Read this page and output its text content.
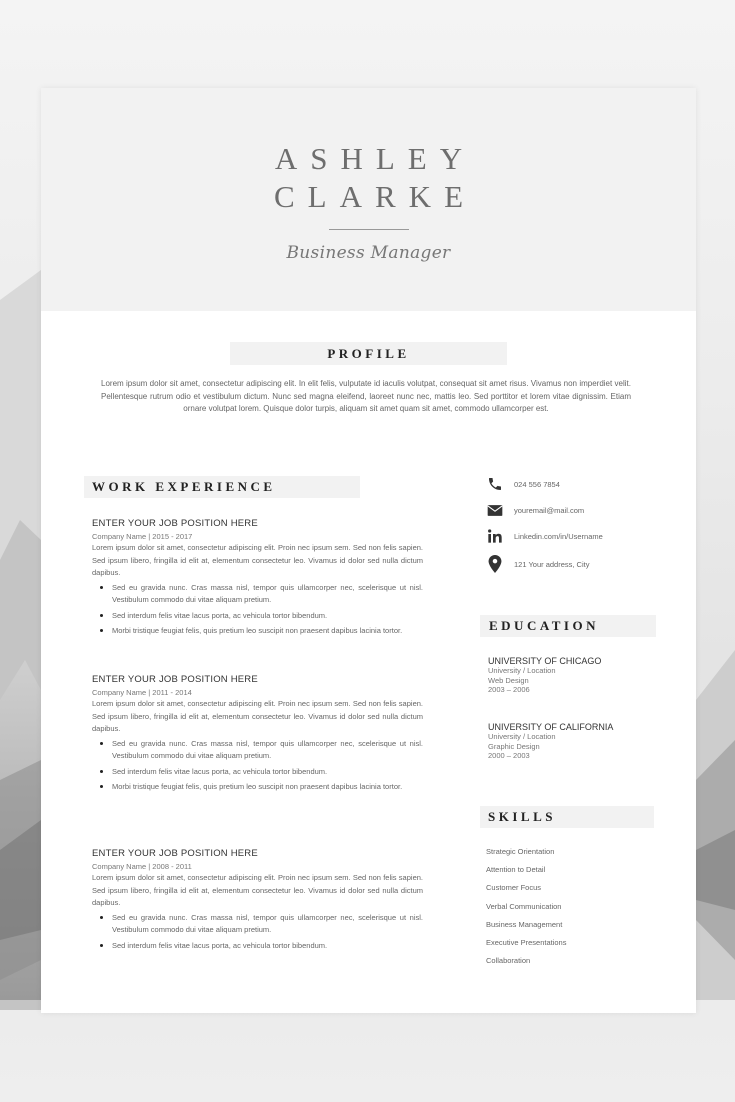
ASHLEY
CLARKE
Business Manager
PROFILE
Lorem ipsum dolor sit amet, consectetur adipiscing elit. In elit felis, vulputate id iaculis volutpat, consequat sit amet risus. Vivamus non imperdiet velit. Pellentesque rutrum odio et vestibulum dictum. Nunc sed magna eleifend, laoreet nunc nec, mattis leo. Sed porttitor et lorem vitae dignissim. Etiam ornare volutpat lorem. Quisque dolor turpis, aliquam sit amet quam sit amet, commodo ullamcorper est.
WORK EXPERIENCE
ENTER YOUR JOB POSITION HERE
Company Name | 2015 - 2017
Lorem ipsum dolor sit amet, consectetur adipiscing elit. Proin nec ipsum sem. Sed non felis sapien. Sed ipsum libero, fringilla id elit at, elementum consectetur leo. Vivamus id dolor sed nulla dictum dapibus.
• Sed eu gravida nunc. Cras massa nisl, tempor quis ullamcorper nec, scelerisque ut nisl. Vestibulum commodo dui vitae aliquam pretium.
• Sed interdum felis vitae lacus porta, ac vehicula tortor bibendum.
• Morbi tristique feugiat felis, quis pretium leo suscipit non praesent dapibus lacinia tortor.
ENTER YOUR JOB POSITION HERE
Company Name | 2011 - 2014
Lorem ipsum dolor sit amet, consectetur adipiscing elit. Proin nec ipsum sem. Sed non felis sapien. Sed ipsum libero, fringilla id elit at, elementum consectetur leo. Vivamus id dolor sed nulla dictum dapibus.
• Sed eu gravida nunc. Cras massa nisl, tempor quis ullamcorper nec, scelerisque ut nisl. Vestibulum commodo dui vitae aliquam pretium.
• Sed interdum felis vitae lacus porta, ac vehicula tortor bibendum.
• Morbi tristique feugiat felis, quis pretium leo suscipit non praesent dapibus lacinia tortor.
ENTER YOUR JOB POSITION HERE
Company Name | 2008 - 2011
Lorem ipsum dolor sit amet, consectetur adipiscing elit. Proin nec ipsum sem. Sed non felis sapien. Sed ipsum libero, fringilla id elit at, elementum consectetur leo. Vivamus id dolor sed nulla dictum dapibus.
• Sed eu gravida nunc. Cras massa nisl, tempor quis ullamcorper nec, scelerisque ut nisl. Vestibulum commodo dui vitae aliquam pretium.
• Sed interdum felis vitae lacus porta, ac vehicula tortor bibendum.
024 556 7854
youremail@mail.com
Linkedin.com/in/Username
121 Your address, City
EDUCATION
UNIVERSITY OF CHICAGO
University / Location
Web Design
2003 – 2006
UNIVERSITY OF CALIFORNIA
University / Location
Graphic Design
2000 – 2003
SKILLS
Strategic Orientation
Attention to Detail
Customer Focus
Verbal Communication
Business Management
Executive Presentations
Collaboration
